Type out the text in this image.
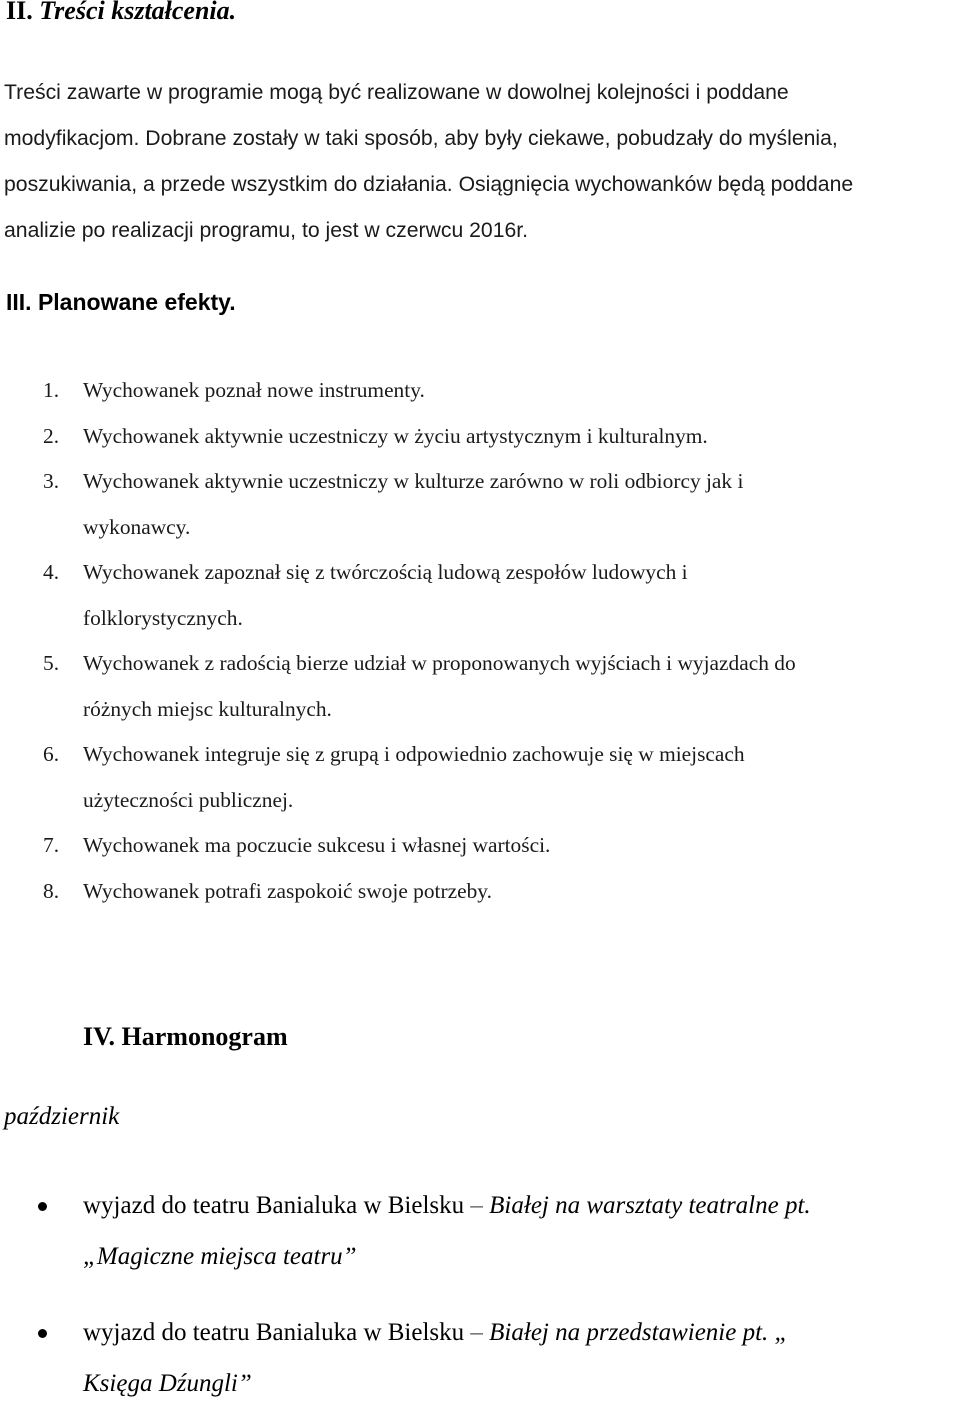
II. Treści kształcenia.
Treści zawarte w programie mogą być realizowane w dowolnej kolejności i poddane
modyfikacjom. Dobrane zostały w taki sposób, aby były ciekawe, pobudzały do myślenia,
poszukiwania, a przede wszystkim do działania. Osiągnięcia wychowanków będą poddane
analizie po realizacji programu, to jest w czerwcu 2016r.
III. Planowane efekty.
1. Wychowanek poznał nowe instrumenty.
2. Wychowanek aktywnie uczestniczy w życiu artystycznym i kulturalnym.
3. Wychowanek aktywnie uczestniczy w kulturze zarówno w roli odbiorcy jak i
wykonawcy.
4. Wychowanek zapoznał się z twórczością ludową zespołów ludowych i
folklorystycznych.
5. Wychowanek z radością bierze udział w proponowanych wyjściach i wyjazdach do
różnych miejsc kulturalnych.
6. Wychowanek integruje się z grupą i odpowiednio zachowuje się w miejscach
użyteczności publicznej.
7. Wychowanek ma poczucie sukcesu i własnej wartości.
8. Wychowanek potrafi zaspokoić swoje potrzeby.
IV. Harmonogram
październik
wyjazd do teatru Banialuka w Bielsku – Białej na warsztaty teatralne pt.
„Magiczne miejsca teatru”
wyjazd do teatru Banialuka w Bielsku – Białej na przedstawienie pt. „
Księga Dźungli”
